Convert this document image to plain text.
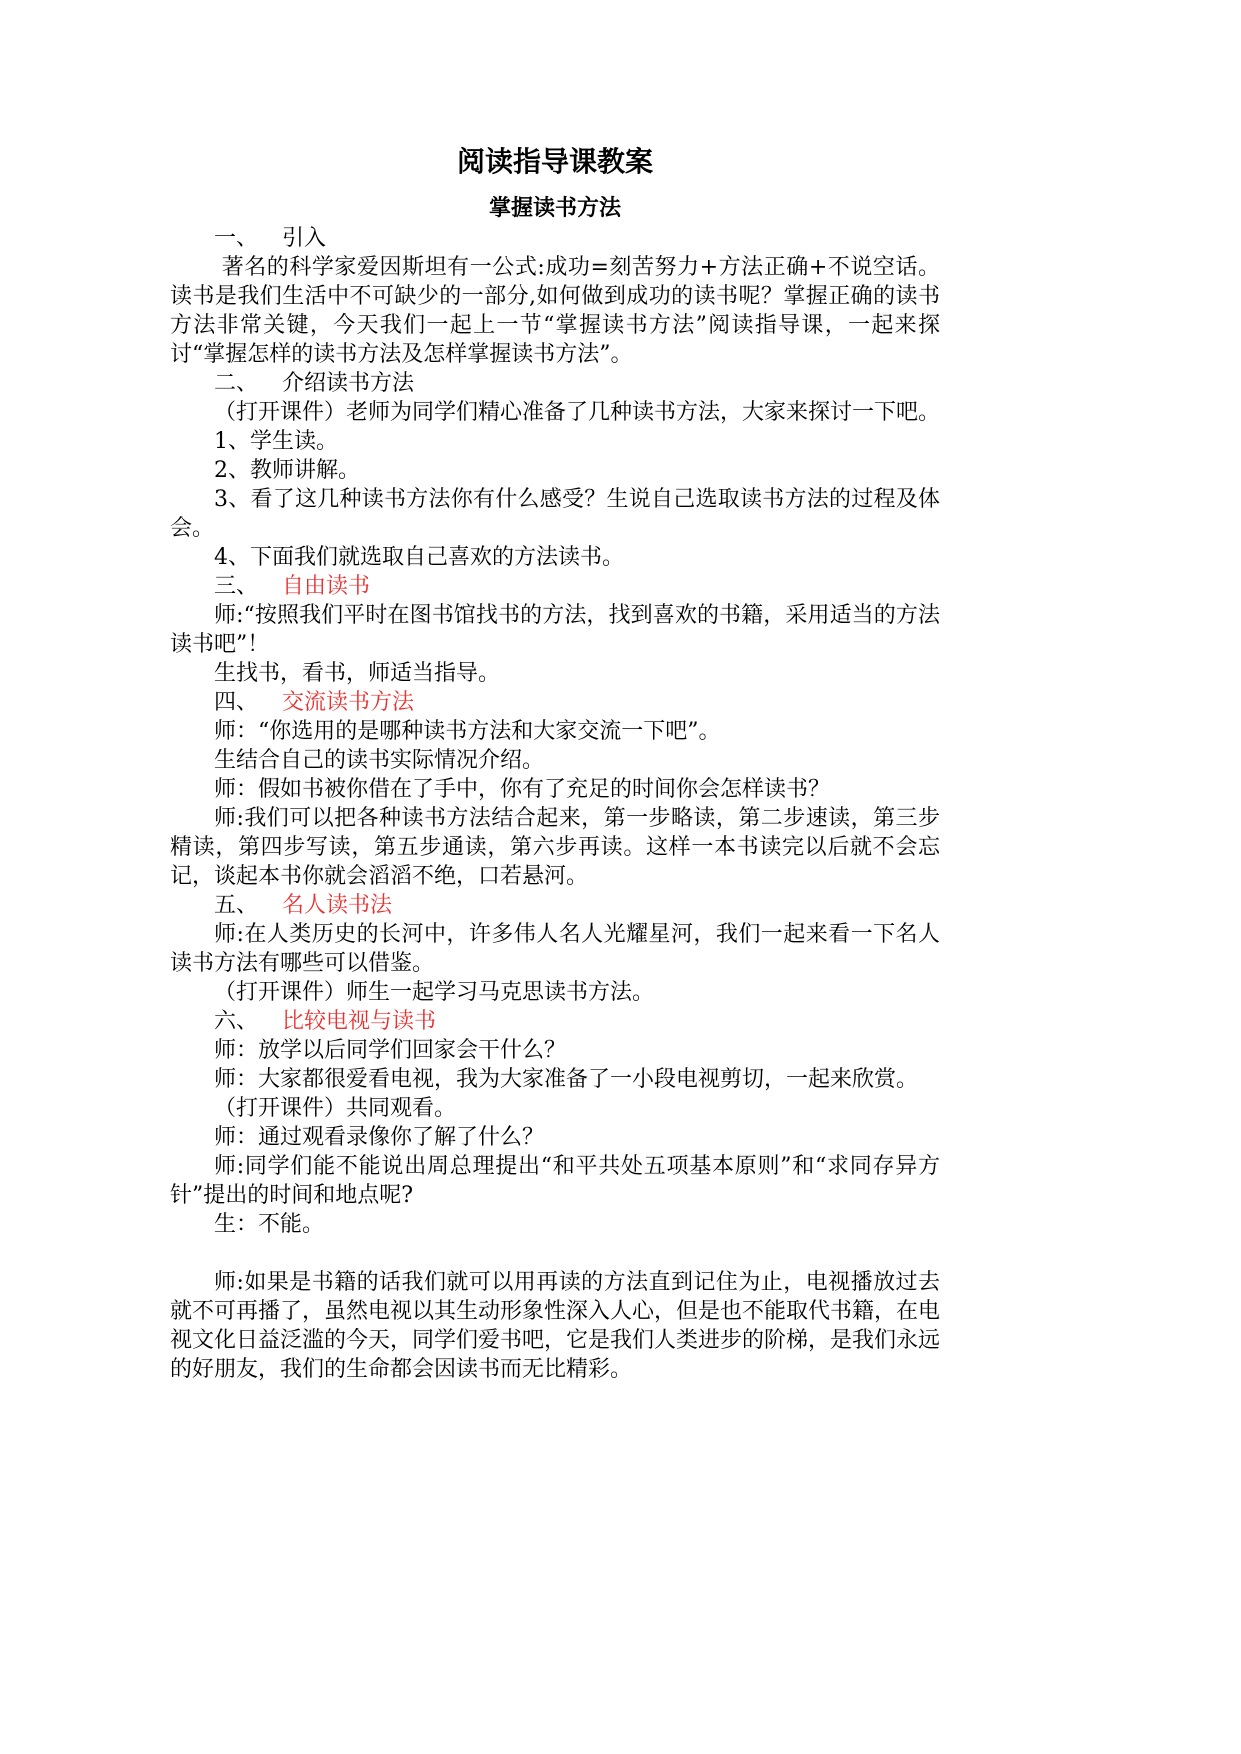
阅读指导课教案
掌握读书方法
一、 引入

著名的科学家爱因斯坦有一公式:成功=刻苦努力+方法正确+不说空话。读书是我们生活中不可缺少的一部分,如何做到成功的读书呢？掌握正确的读书方法非常关键，今天我们一起上一节“掌握读书方法”阅读指导课，一起来探讨“掌握怎样的读书方法及怎样掌握读书方法”。

二、 介绍读书方法

（打开课件）老师为同学们精心准备了几种读书方法，大家来探讨一下吧。

1、学生读。

2、教师讲解。

3、看了这几种读书方法你有什么感受？生说自己选取读书方法的过程及体会。

4、下面我们就选取自己喜欢的方法读书。

三、 自由读书

师:“按照我们平时在图书馆找书的方法，找到喜欢的书籍，采用适当的方法读书吧”！

生找书，看书，师适当指导。

四、 交流读书方法

师：“你选用的是哪种读书方法和大家交流一下吧”。

生结合自己的读书实际情况介绍。

师：假如书被你借在了手中，你有了充足的时间你会怎样读书？

师:我们可以把各种读书方法结合起来，第一步略读，第二步速读，第三步精读，第四步写读，第五步通读，第六步再读。这样一本书读完以后就不会忘记，谈起本书你就会滔滔不绝，口若悬河。

五、 名人读书法

师:在人类历史的长河中，许多伟人名人光耀星河，我们一起来看一下名人读书方法有哪些可以借鉴。

（打开课件）师生一起学习马克思读书方法。

六、 比较电视与读书

师：放学以后同学们回家会干什么？

师：大家都很爱看电视，我为大家准备了一小段电视剪切，一起来欣赏。

（打开课件）共同观看。

师：通过观看录像你了解了什么？

师:同学们能不能说出周总理提出“和平共处五项基本原则”和“求同存异方针”提出的时间和地点呢?

生：不能。

师:如果是书籍的话我们就可以用再读的方法直到记住为止，电视播放过去就不可再播了，虽然电视以其生动形象性深入人心，但是也不能取代书籍，在电视文化日益泛滥的今天，同学们爱书吧，它是我们人类进步的阶梯，是我们永远的好朋友，我们的生命都会因读书而无比精彩。
